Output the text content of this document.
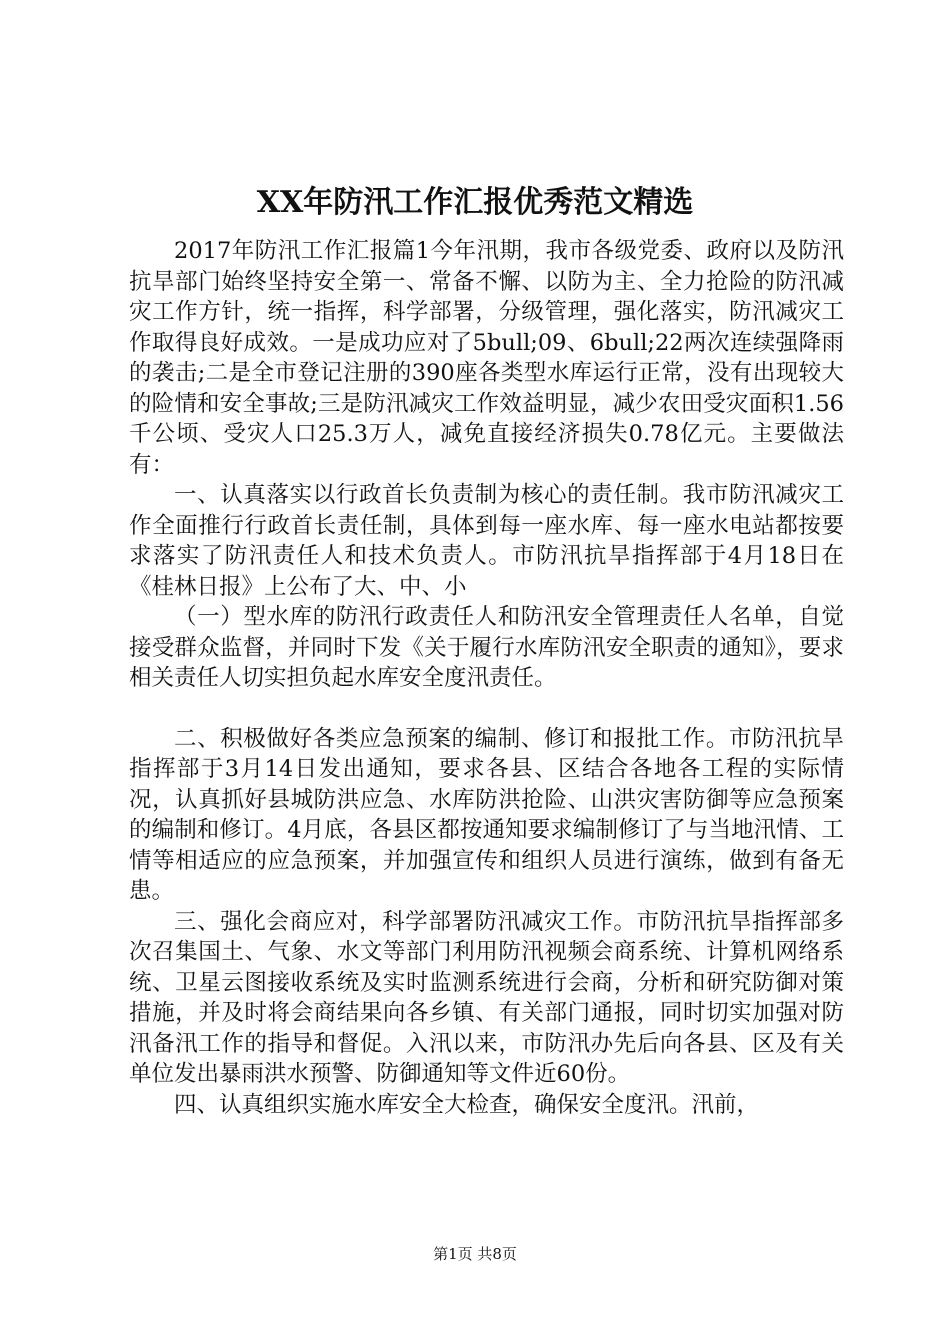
XX年防汛工作汇报优秀范文精选

2017年防汛工作汇报篇1今年汛期，我市各级党委、政府以及防汛抗旱部门始终坚持安全第一、常备不懈、以防为主、全力抢险的防汛减灾工作方针，统一指挥，科学部署，分级管理，强化落实，防汛减灾工作取得良好成效。一是成功应对了5bull;09、6bull;22两次连续强降雨的袭击;二是全市登记注册的390座各类型水库运行正常，没有出现较大的险情和安全事故;三是防汛减灾工作效益明显，减少农田受灾面积1.56千公顷、受灾人口25.3万人，减免直接经济损失0.78亿元。主要做法有：

一、认真落实以行政首长负责制为核心的责任制。我市防汛减灾工作全面推行行政首长责任制，具体到每一座水库、每一座水电站都按要求落实了防汛责任人和技术负责人。市防汛抗旱指挥部于4月18日在《桂林日报》上公布了大、中、小

（一）型水库的防汛行政责任人和防汛安全管理责任人名单，自觉接受群众监督，并同时下发《关于履行水库防汛安全职责的通知》，要求相关责任人切实担负起水库安全度汛责任。

二、积极做好各类应急预案的编制、修订和报批工作。市防汛抗旱指挥部于3月14日发出通知，要求各县、区结合各地各工程的实际情况，认真抓好县城防洪应急、水库防洪抢险、山洪灾害防御等应急预案的编制和修订。4月底，各县区都按通知要求编制修订了与当地汛情、工情等相适应的应急预案，并加强宣传和组织人员进行演练，做到有备无患。

三、强化会商应对，科学部署防汛减灾工作。市防汛抗旱指挥部多次召集国土、气象、水文等部门利用防汛视频会商系统、计算机网络系统、卫星云图接收系统及实时监测系统进行会商，分析和研究防御对策措施，并及时将会商结果向各乡镇、有关部门通报，同时切实加强对防汛备汛工作的指导和督促。入汛以来，市防汛办先后向各县、区及有关单位发出暴雨洪水预警、防御通知等文件近60份。

四、认真组织实施水库安全大检查，确保安全度汛。汛前，

第1页 共8页
